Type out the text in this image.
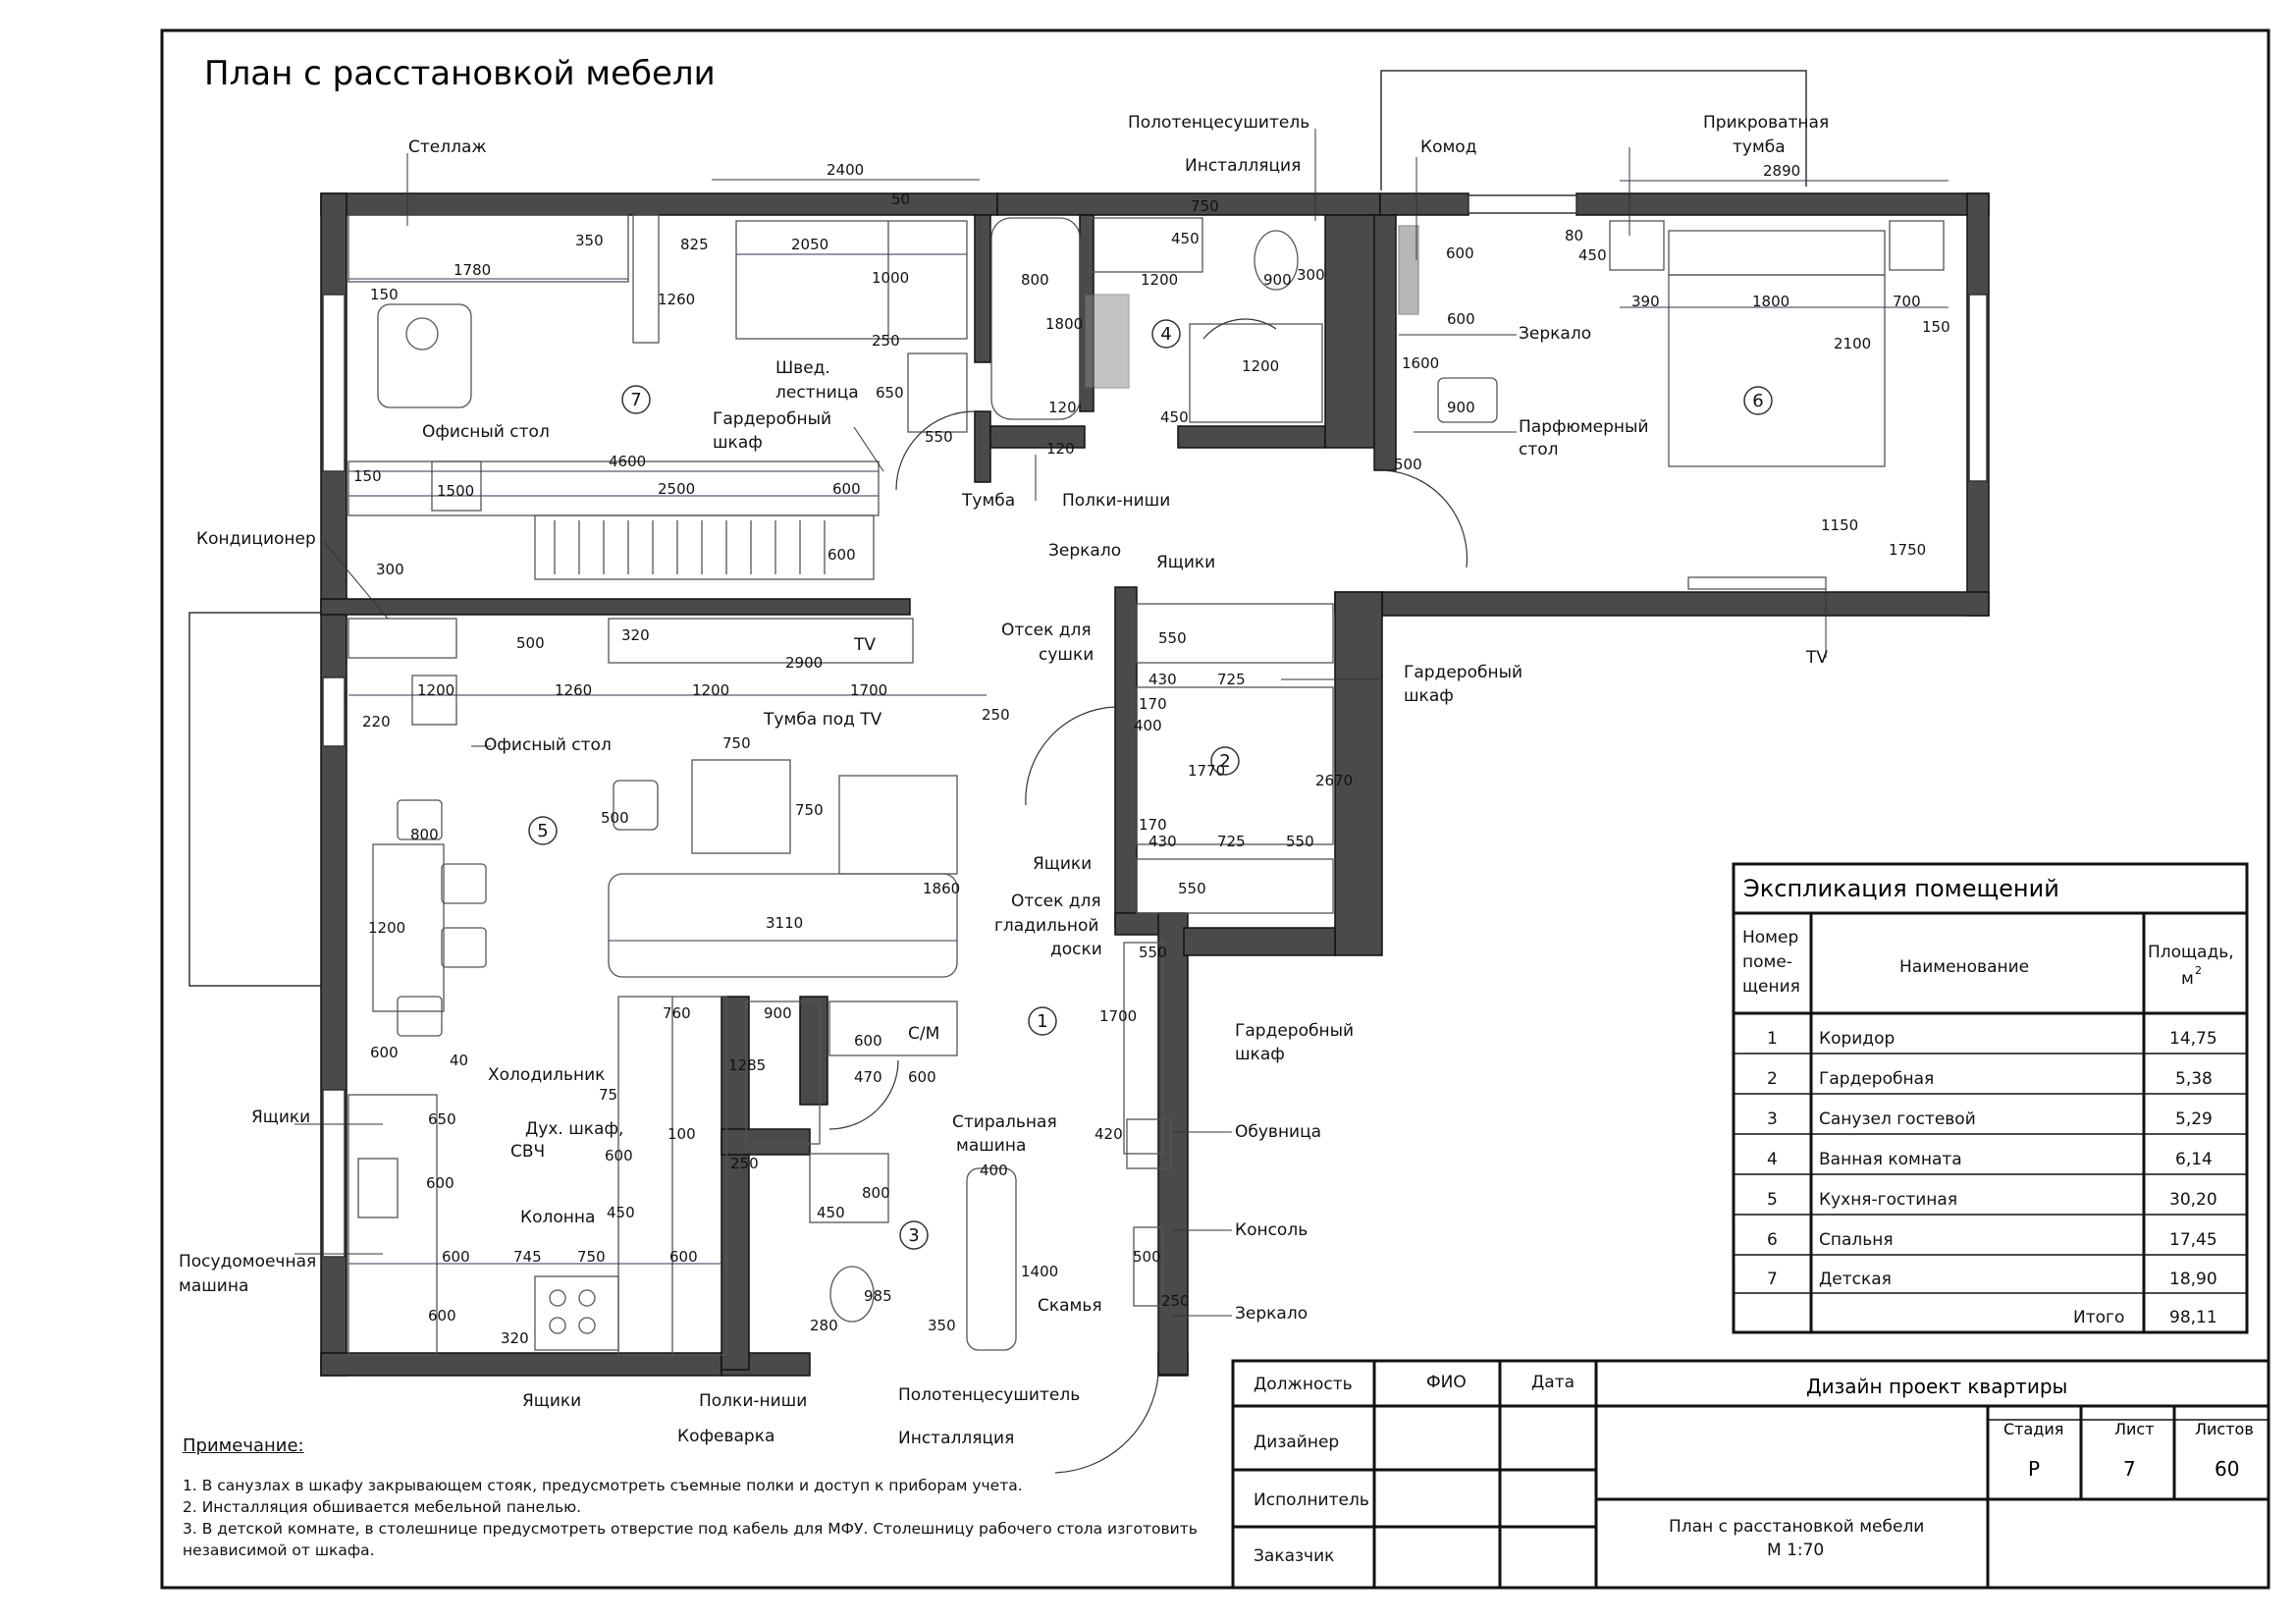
План с расстановкой мебели
1
2
3
4
5
6
7
2400
50
1780
350	825	2050
150	1260
1000	800
1800
1200
450
750
300
900
600
2890
80
450
390	1800	700
150
600
2100
250
650
550
120
1600
900
1200
450
500
4600
2500	600
150
1500
120
1150
1750
600
300
500	320
2900
1260	1200	1700
550
220
1200
250
430	725
170
400
1770
2670
750
500	750
170
430	725	550
550
800
1860
3110
1200
550
600
760	900
600
1700
470 600
1285
40
650
75
100
600
450
600
420
250	400
800
450
1400
500
600	745 750	600
250
600
320
280
985
350
Стеллаж
Полотенцесушитель
Инсталляция
Комод
Прикроватная
тумба
Швед.
лестница
Гардеробный
шкаф
Офисный стол
Зеркало
Парфюмерный
стол
Тумба	Полки-ниши
Зеркало
Ящики
Кондиционер
Отсек для
сушки
TV
TV
Гардеробный
шкаф
Тумба под TV
Офисный стол
Ящики
Отсек для
гладильной
доски
Гардеробный
шкаф
Холодильник
Дух. шкаф,
СВЧ
Стиральная
машина
С/М
Обувница
Колонна
Ящики
Посудомоечная
машина
Консоль
Скамья	Зеркало
Ящики	Полки-ниши	Полотенцесушитель
Кофеварка	Инсталляция
Экспликация помещений
Номер
поме-
щения
Наименование
Площадь,
м 2
1 Коридор	14,75
2 Гардеробная	5,38
3 Санузел гостевой	5,29
4 Ванная комната	6,14
5 Кухня-гостиная	30,20
6 Спальня	17,45
7 Детская	18,90
Итого	98,11
Должность	ФИО	Дата	Дизайн проект квартиры
Дизайнер
Исполнитель
Заказчик
Стадия	Лист	Листов
Р	7	60
План с расстановкой мебели
М 1:70
Примечание:
1. В санузлах в шкафу закрывающем стояк, предусмотреть съемные полки и доступ к приборам учета.
2. Инсталляция обшивается мебельной панелью.
3. В детской комнате, в столешнице предусмотреть отверстие под кабель для МФУ. Столешницу рабочего стола изготовить независимой от шкафа.
